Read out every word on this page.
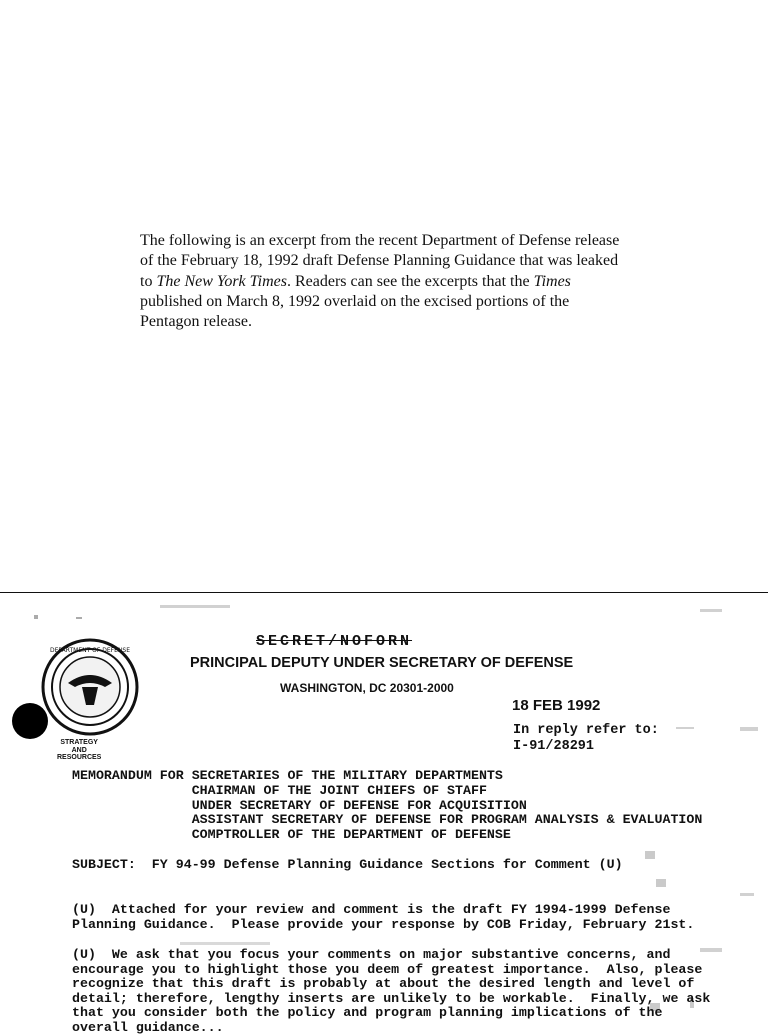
The following is an excerpt from the recent Department of Defense release of the February 18, 1992 draft Defense Planning Guidance that was leaked to The New York Times. Readers can see the excerpts that the Times published on March 8, 1992 overlaid on the excised portions of the Pentagon release.
DEPARTMENT OF DEFENSE
SECRET/NOFORN
PRINCIPAL DEPUTY UNDER SECRETARY OF DEFENSE
WASHINGTON, DC 20301-2000
18 FEB 1992
In reply refer to:
I-91/28291
STRATEGY
AND
RESOURCES
MEMORANDUM FOR SECRETARIES OF THE MILITARY DEPARTMENTS
CHAIRMAN OF THE JOINT CHIEFS OF STAFF
UNDER SECRETARY OF DEFENSE FOR ACQUISITION
ASSISTANT SECRETARY OF DEFENSE FOR PROGRAM ANALYSIS & EVALUATION
COMPTROLLER OF THE DEPARTMENT OF DEFENSE
SUBJECT:  FY 94-99 Defense Planning Guidance Sections for Comment (U)
(U)  Attached for your review and comment is the draft FY 1994-1999 Defense
Planning Guidance.  Please provide your response by COB Friday, February 21st.
(U)  We ask that you focus your comments on major substantive concerns, and
encourage you to highlight those you deem of greatest importance.  Also, please
recognize that this draft is probably at about the desired length and level of
detail; therefore, lengthy inserts are unlikely to be workable.  Finally, we ask
that you consider both the policy and program planning implications of the
overall guidance...
